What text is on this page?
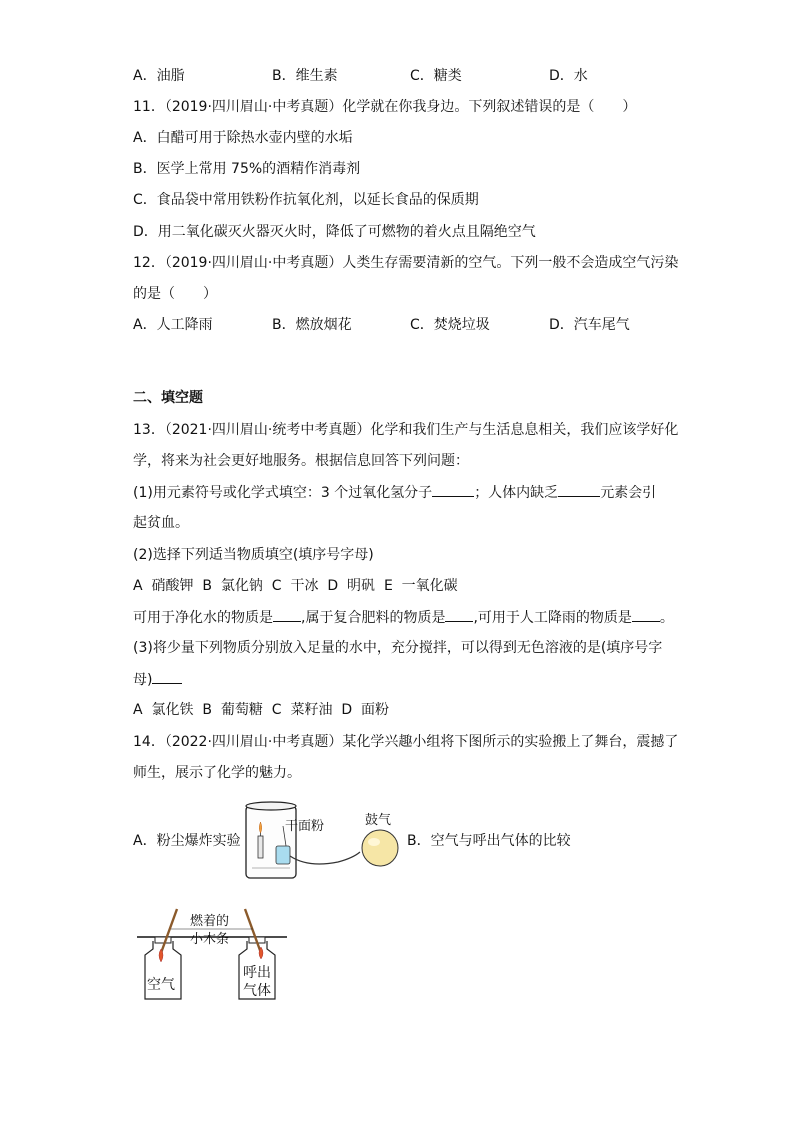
A．油脂	B．维生素	C．糖类	D．水
11．（2019·四川眉山·中考真题）化学就在你我身边。下列叙述错误的是（　　）
A．白醋可用于除热水壶内壁的水垢
B．医学上常用 75%的酒精作消毒剂
C．食品袋中常用铁粉作抗氧化剂，以延长食品的保质期
D．用二氧化碳灭火器灭火时，降低了可燃物的着火点且隔绝空气
12．（2019·四川眉山·中考真题）人类生存需要清新的空气。下列一般不会造成空气污染
的是（　　）
A．人工降雨	B．燃放烟花	C．焚烧垃圾	D．汽车尾气
二、填空题
13．（2021·四川眉山·统考中考真题）化学和我们生产与生活息息相关，我们应该学好化
学，将来为社会更好地服务。根据信息回答下列问题：
(1)用元素符号或化学式填空：3 个过氧化氢分子	；人体内缺乏	元素会引
起贫血。
(2)选择下列适当物质填空(填序号字母)
A  硝酸钾  B  氯化钠  C  干冰  D  明矾  E  一氧化碳
可用于净化水的物质是 ,属于复合肥料的物质是 ,可用于人工降雨的物质是 。
(3)将少量下列物质分别放入足量的水中，充分搅拌，可以得到无色溶液的是(填序号字
母)
A  氯化铁  B  葡萄糖  C  菜籽油  D  面粉
14．（2022·四川眉山·中考真题）某化学兴趣小组将下图所示的实验搬上了舞台，震撼了
师生，展示了化学的魅力。
A．粉尘爆炸实验	B．空气与呼出气体的比较
干面粉	鼓气
空气
呼出
气体
燃着的
小木条
